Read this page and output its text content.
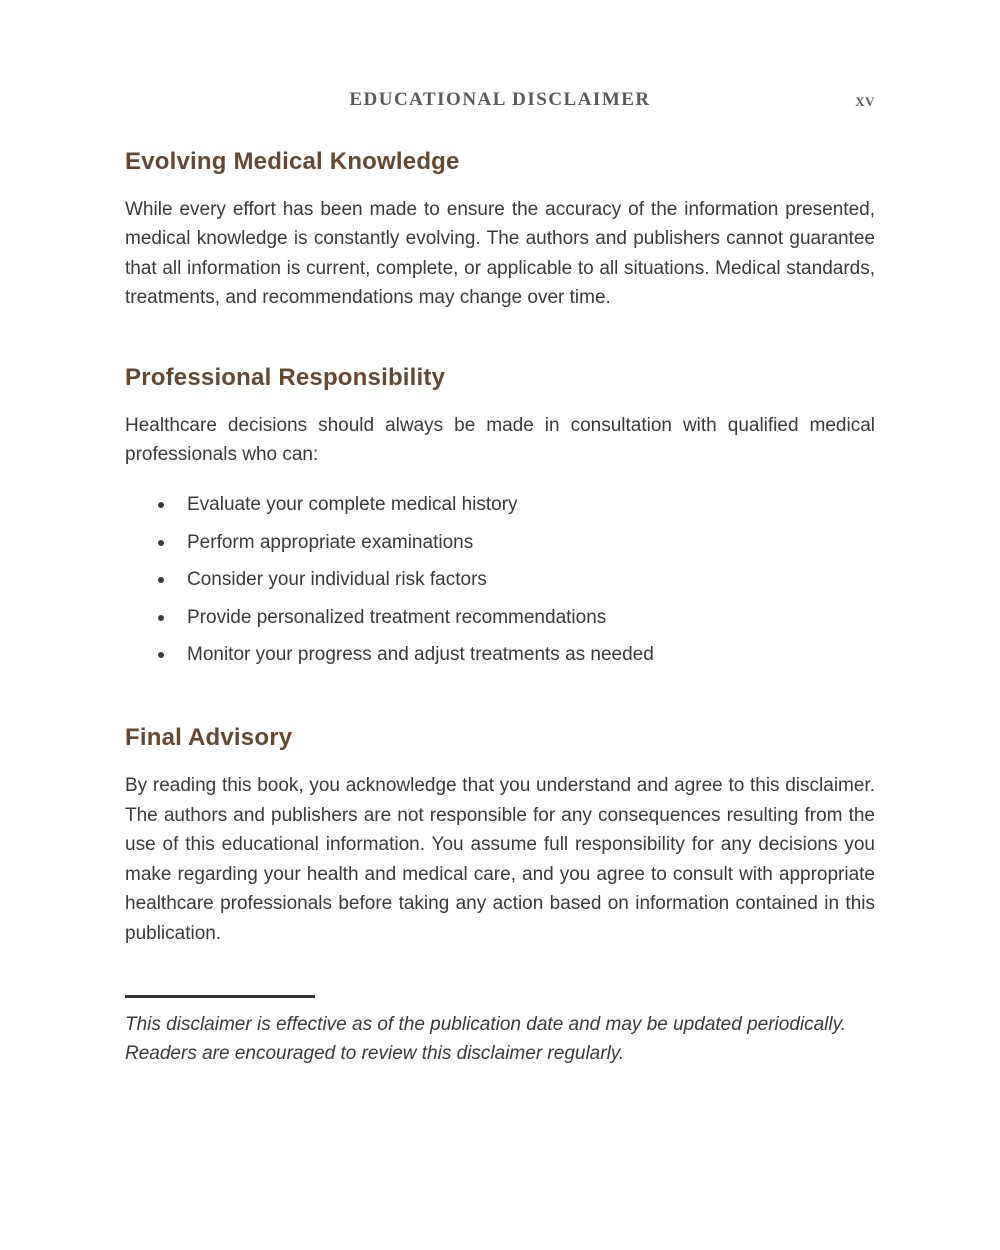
EDUCATIONAL DISCLAIMER	xv
Evolving Medical Knowledge

While every effort has been made to ensure the accuracy of the information presented, medical knowledge is constantly evolving. The authors and publishers cannot guarantee that all information is current, complete, or applicable to all situations. Medical standards, treatments, and recommendations may change over time.

Professional Responsibility

Healthcare decisions should always be made in consultation with qualified medical professionals who can:

Evaluate your complete medical history
Perform appropriate examinations
Consider your individual risk factors
Provide personalized treatment recommendations
Monitor your progress and adjust treatments as needed
Final Advisory

By reading this book, you acknowledge that you understand and agree to this disclaimer. The authors and publishers are not responsible for any consequences resulting from the use of this educational information. You assume full responsibility for any decisions you make regarding your health and medical care, and you agree to consult with appropriate healthcare professionals before taking any action based on information contained in this publication.

This disclaimer is effective as of the publication date and may be updated periodically. Readers are encouraged to review this disclaimer regularly.
